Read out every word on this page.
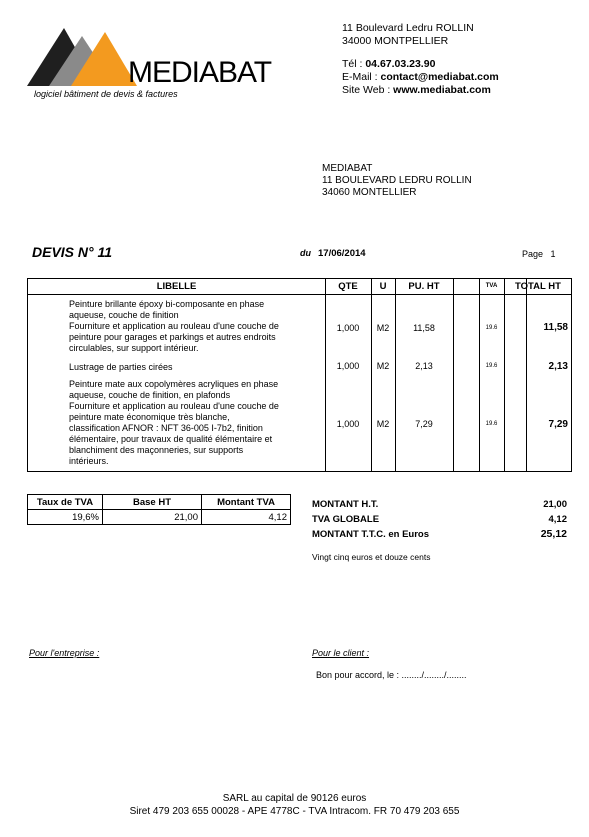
MEDIABAT
logiciel bâtiment de devis & factures
11 Boulevard Ledru ROLLIN
34000 MONTPELLIER
Tél : 04.67.03.23.90
E-Mail : contact@mediabat.com
Site Web : www.mediabat.com
MEDIABAT
11 BOULEVARD LEDRU ROLLIN
34060 MONTELLIER
DEVIS N° 11	du 17/06/2014	Page 1
LIBELLE	QTE	U	PU. HT	TVA	TOTAL HT
Peinture brillante époxy bi-composante en phase
aqueuse, couche de finition
Fourniture et application au rouleau d'une couche de
peinture pour garages et parkings et autres endroits
circulables, sur support intérieur.
1,000	M2	11,58	19.6	11,58
Lustrage de parties cirées	1,000	M2	2,13	19.6	2,13
Peinture mate aux copolymères acryliques en phase
aqueuse, couche de finition, en plafonds
Fourniture et application au rouleau d'une couche de
peinture mate économique très blanche,
classification AFNOR : NFT 36-005 I-7b2, finition
élémentaire, pour travaux de qualité élémentaire et
blanchiment des maçonneries, sur supports
intérieurs.
1,000	M2	7,29	19.6	7,29
Taux de TVA	Base HT	Montant TVA
19,6%	21,00	4,12
MONTANT H.T.	21,00
TVA GLOBALE	4,12
MONTANT T.T.C. en Euros	25,12
Vingt cinq euros et douze cents
Pour l'entreprise :	Pour le client :
Bon pour accord, le : ......../......../........
SARL au capital de 90126 euros
Siret 479 203 655 00028 - APE 4778C - TVA Intracom. FR 70 479 203 655
